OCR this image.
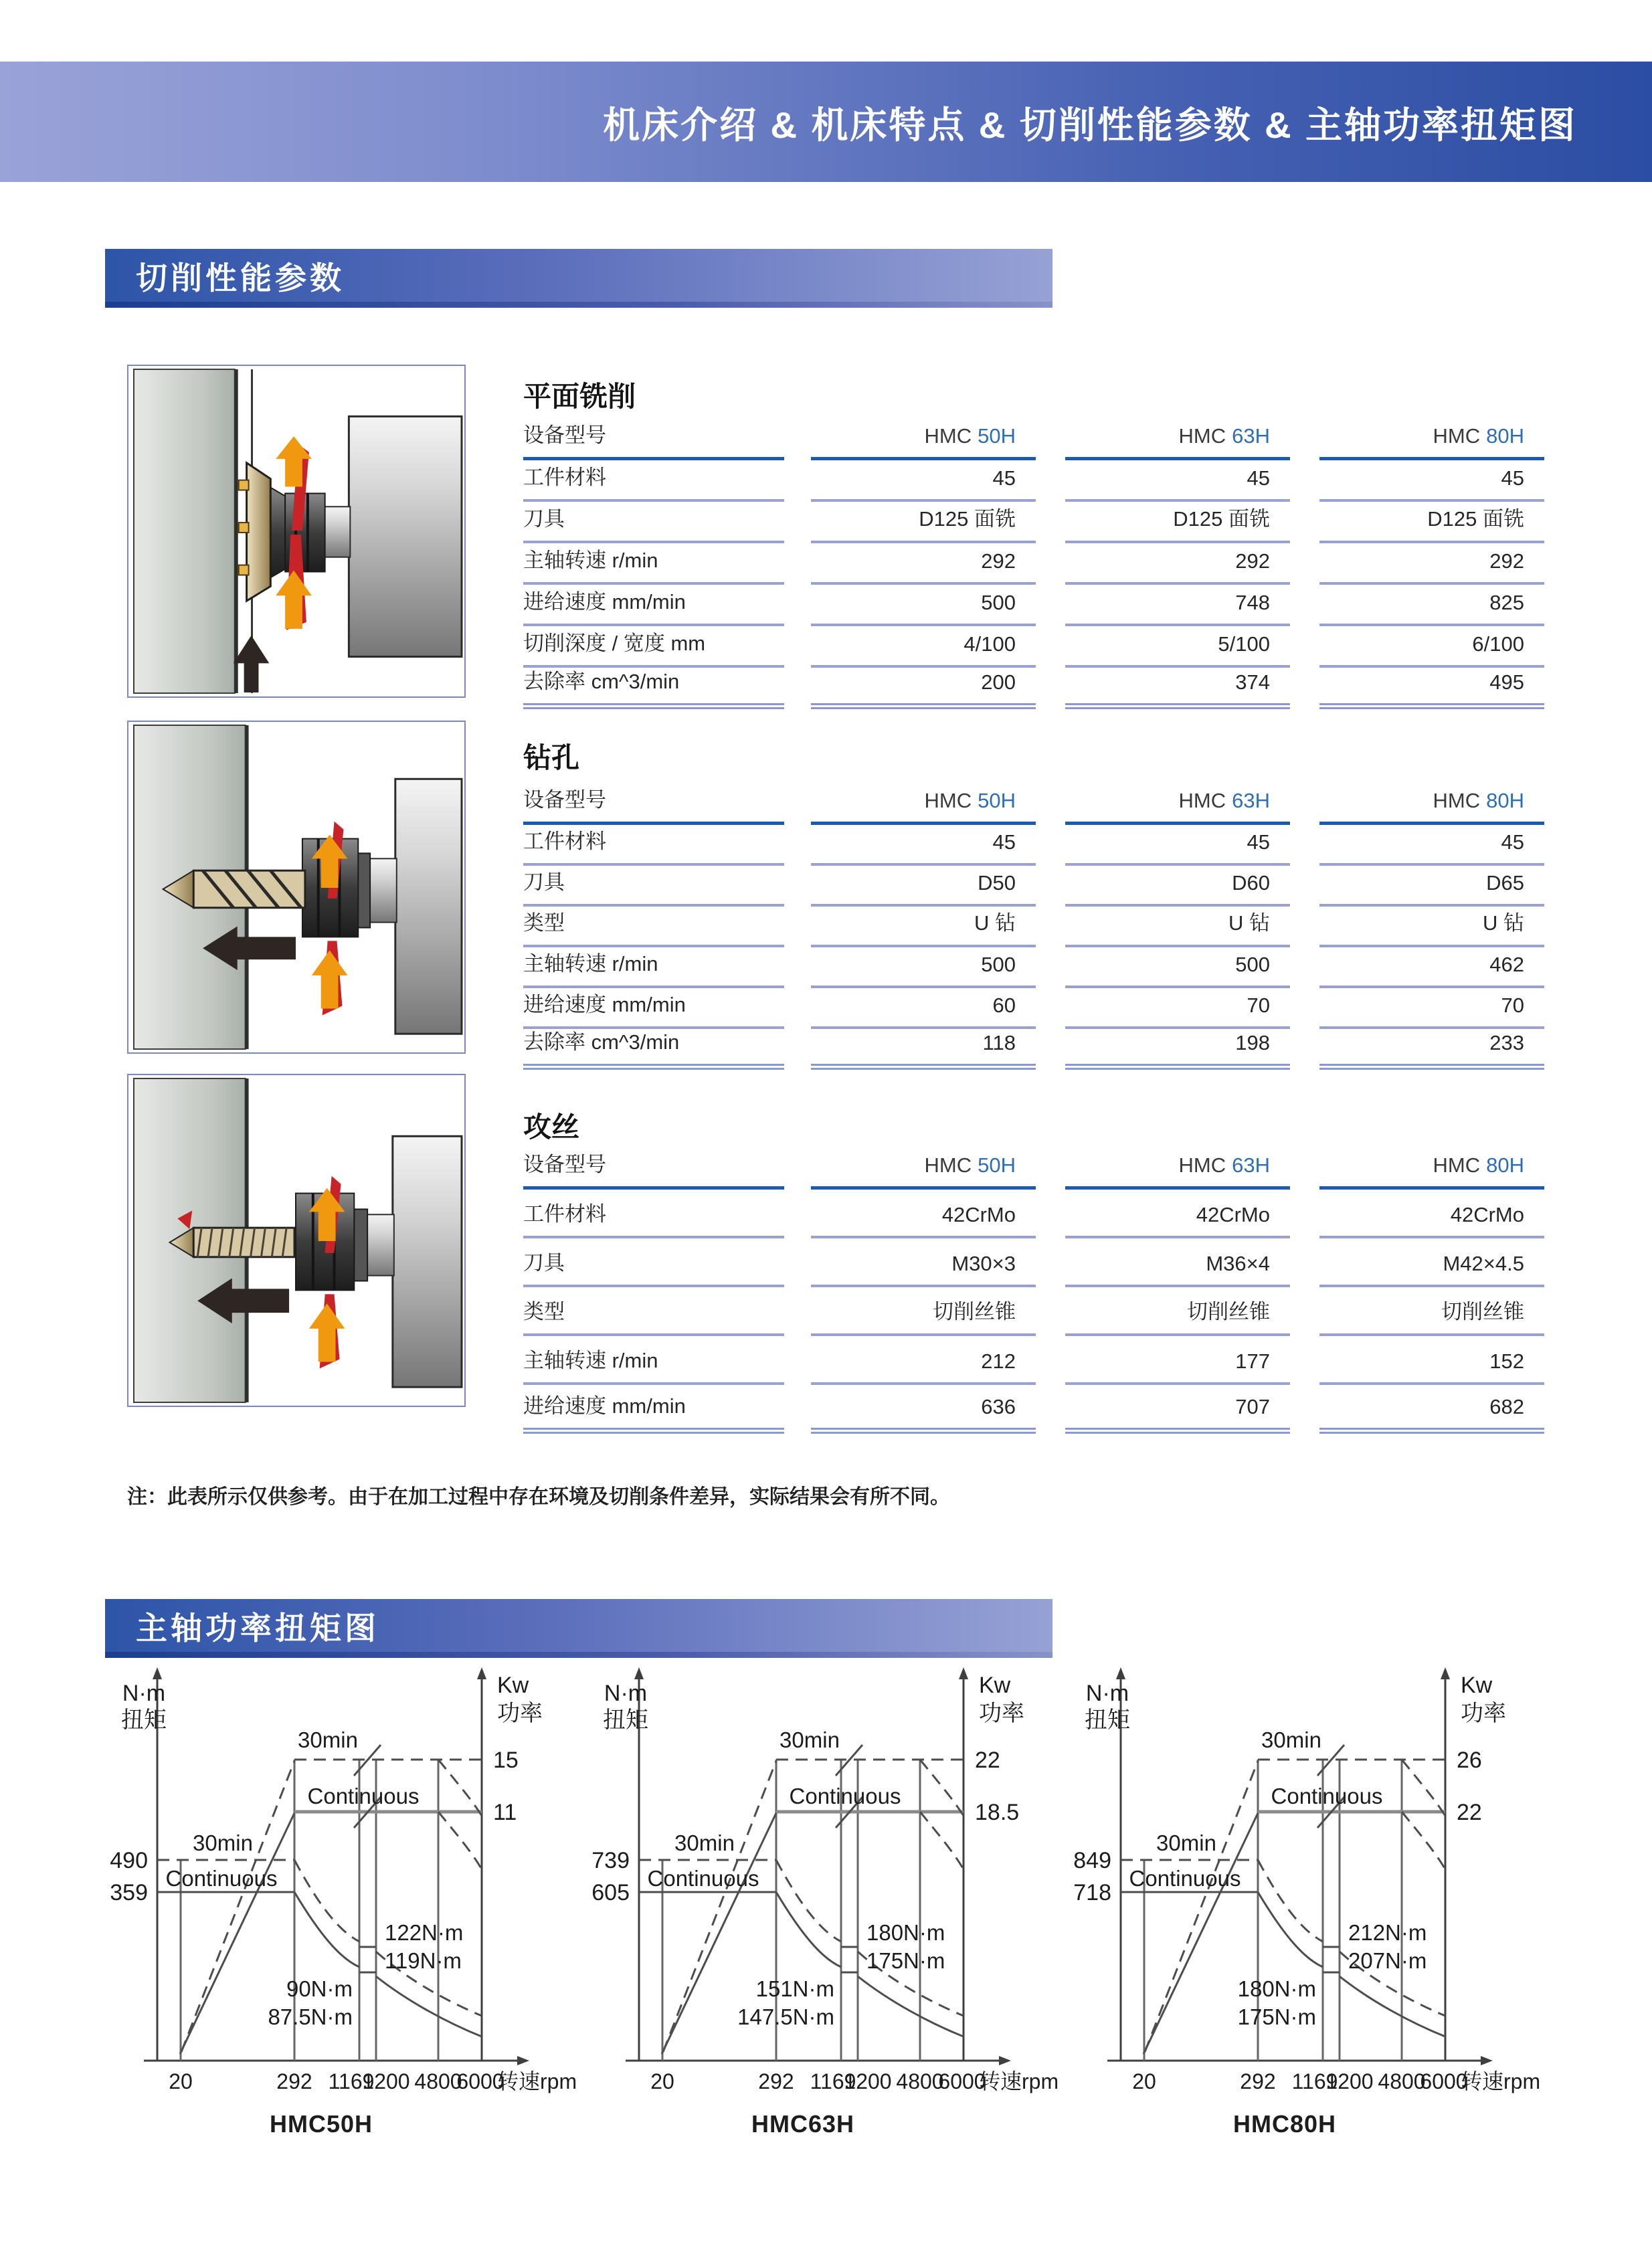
机床介绍 & 机床特点 & 切削性能参数 & 主轴功率扭矩图
切削性能参数
平面铣削
设备型号	HMC 50H	HMC 63H	HMC 80H
工件材料	45	45	45
刀具	D125 面铣	D125 面铣	D125 面铣
主轴转速 r/min	292	292	292
进给速度 mm/min	500	748	825
切削深度 / 宽度 mm	4/100	5/100	6/100
去除率 cm^3/min	200	374	495
钻孔
设备型号	HMC 50H	HMC 63H	HMC 80H
工件材料	45	45	45
刀具	D50	D60	D65
类型	U 钻	U 钻	U 钻
主轴转速 r/min	500	500	462
进给速度 mm/min	60	70	70
去除率 cm^3/min	118	198	233
攻丝
设备型号	HMC 50H	HMC 63H	HMC 80H
工件材料	42CrMo	42CrMo	42CrMo
刀具	M30×3	M36×4	M42×4.5
类型	切削丝锥	切削丝锥	切削丝锥
主轴转速 r/min	212	177	152
进给速度 mm/min	636	707	682
注：此表所示仅供参考。由于在加工过程中存在环境及切削条件差异，实际结果会有所不同。
主轴功率扭矩图
N·m
扭矩
Kw
功率
490
359
15
11
30min
Continuous
30min
Continuous
122N·m
119N·m
90N·m
87.5N·m
20	292 1169
1200 4800
6000
转速rpm
HMC50H
N·m
扭矩
Kw
功率
739
605
22
18.5
30min
Continuous
30min
Continuous
180N·m
175N·m
151N·m
147.5N·m
20	292 1169
1200 4800
6000
转速rpm
HMC63H
N·m
扭矩
Kw
功率
849
718
26
22
30min
Continuous
30min
Continuous
212N·m
207N·m
180N·m
175N·m
20	292 1169
1200 4800
6000
转速rpm
HMC80H
